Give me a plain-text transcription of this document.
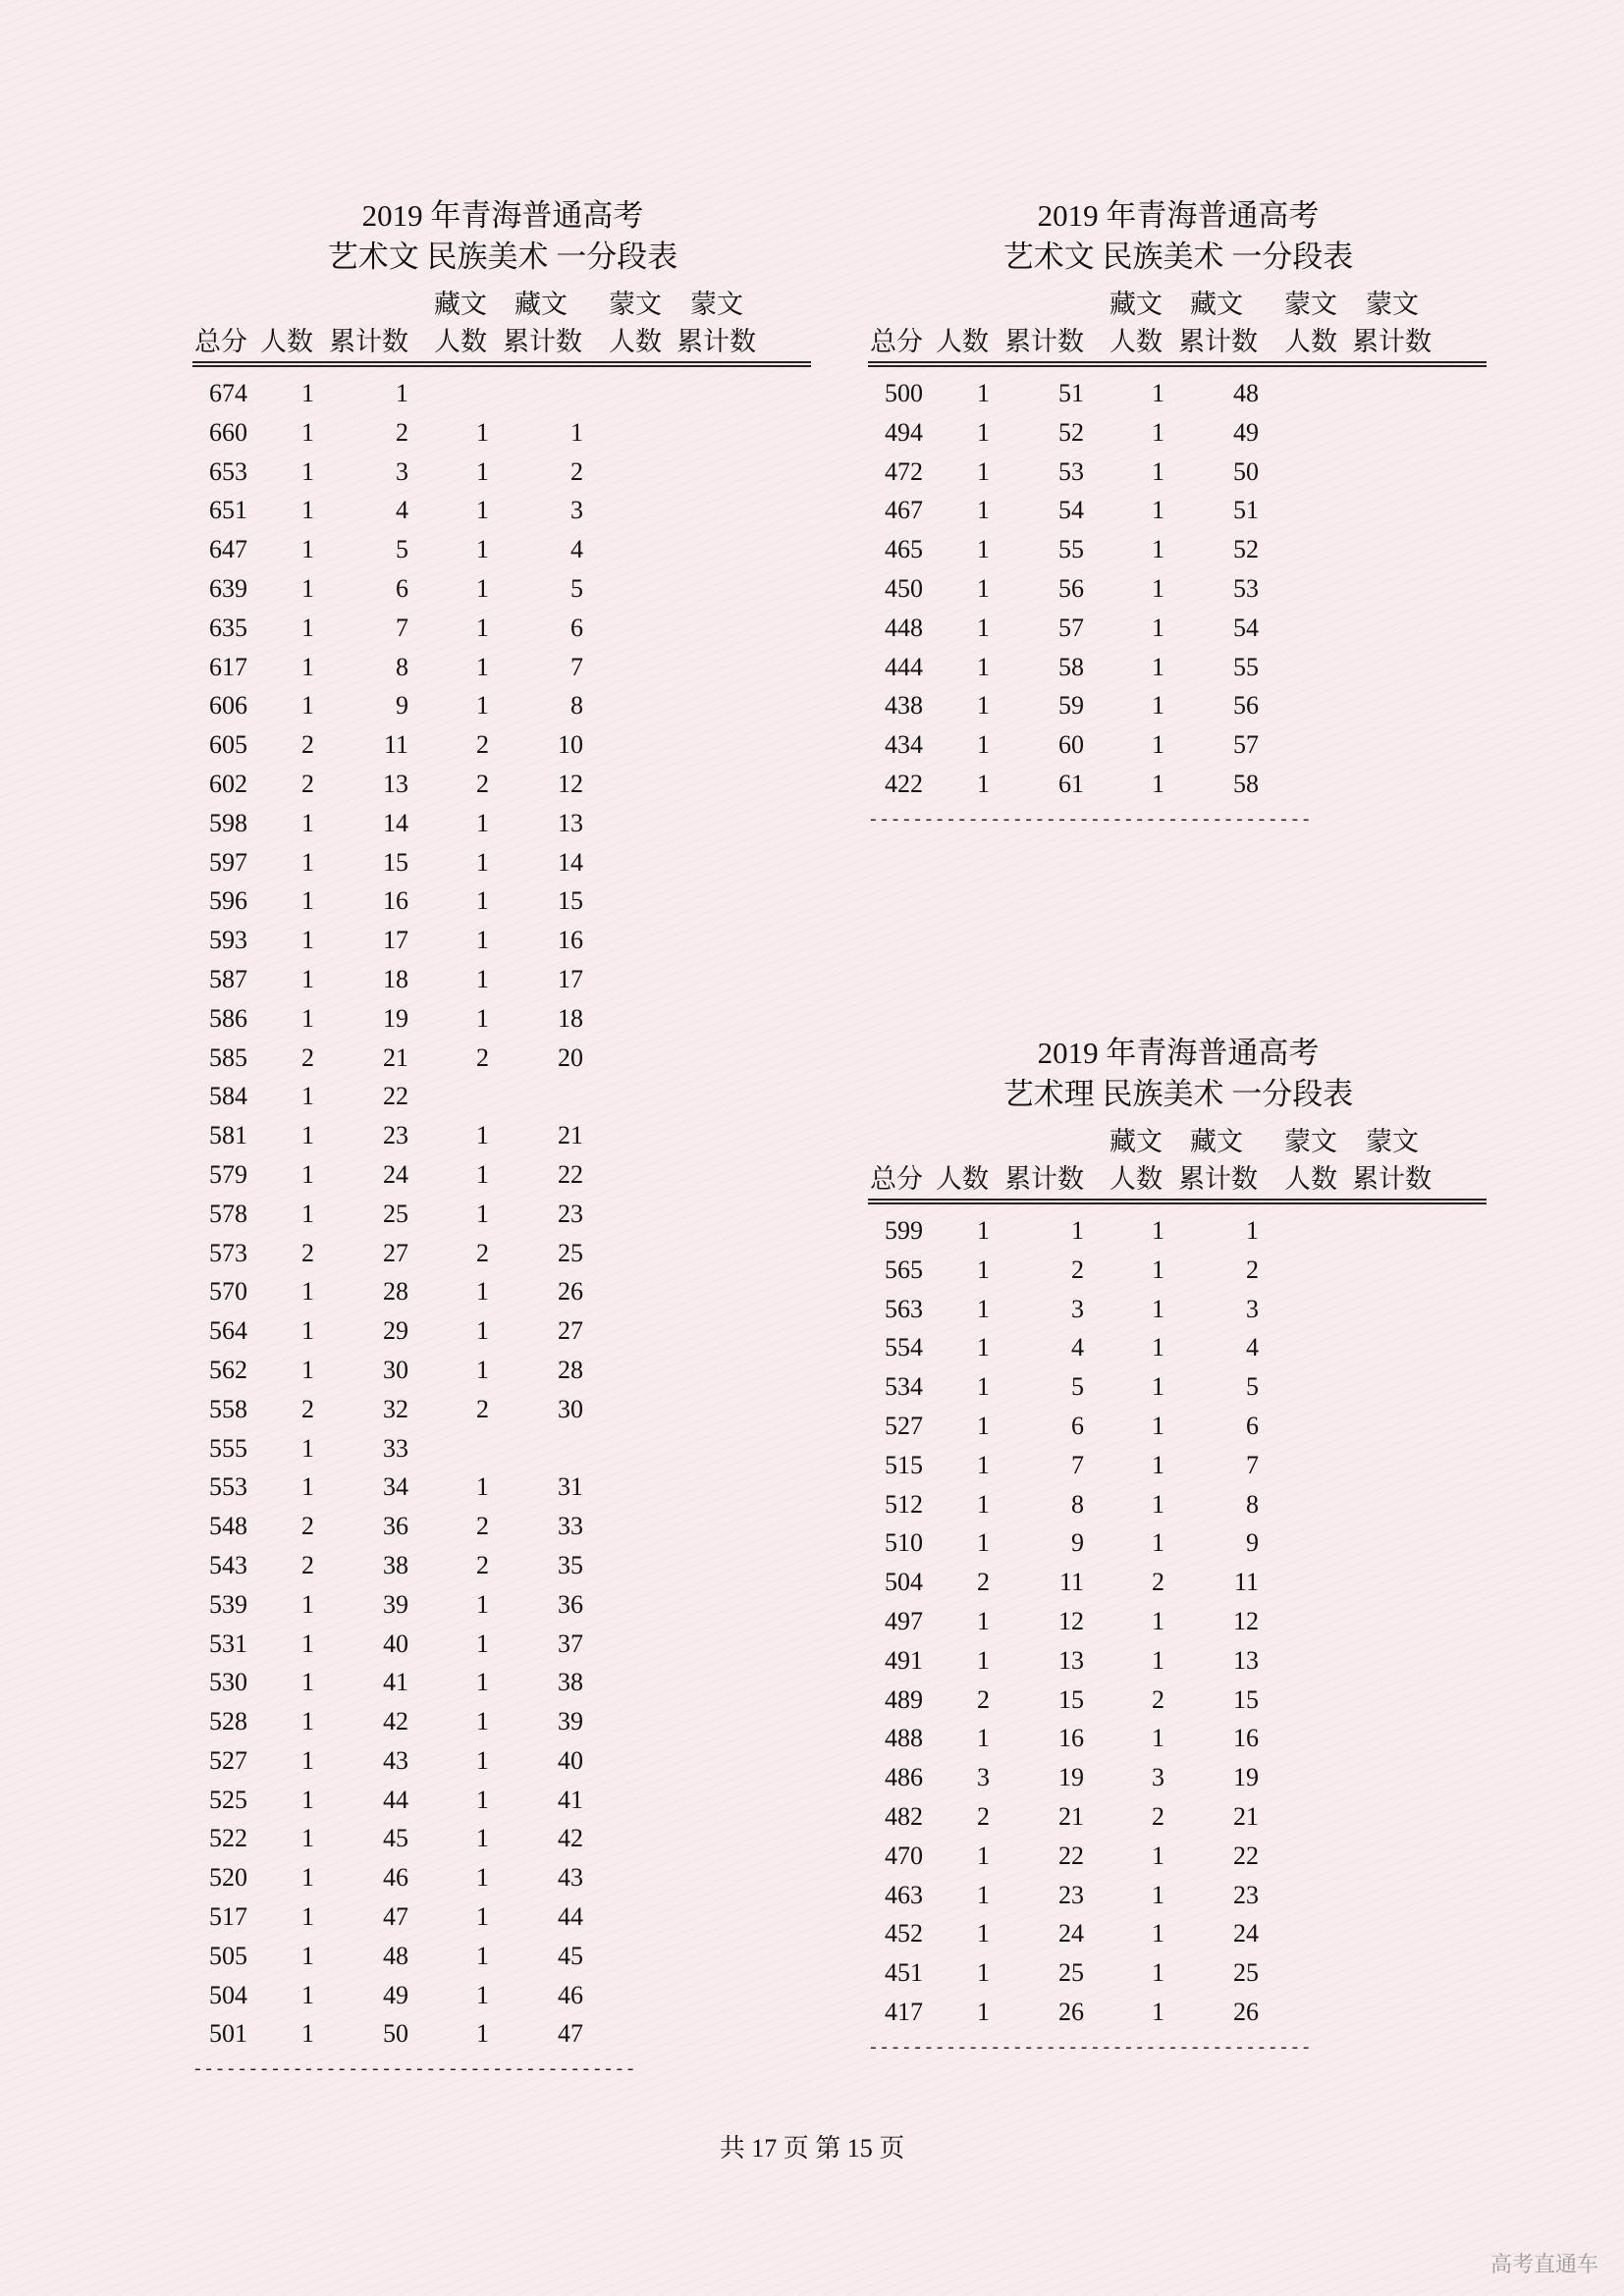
2019 年青海普通高考
艺术文 民族美术 一分段表
藏文 藏文 蒙文 蒙文
总分 人数 累计数 人数 累计数 人数 累计数
674	1	1
660	1	2	1	1
653	1	3	1	2
651	1	4	1	3
647	1	5	1	4
639	1	6	1	5
635	1	7	1	6
617	1	8	1	7
606	1	9	1	8
605	2	11	2	10
602	2	13	2	12
598	1	14	1	13
597	1	15	1	14
596	1	16	1	15
593	1	17	1	16
587	1	18	1	17
586	1	19	1	18
585	2	21	2	20
584	1	22
581	1	23	1	21
579	1	24	1	22
578	1	25	1	23
573	2	27	2	25
570	1	28	1	26
564	1	29	1	27
562	1	30	1	28
558	2	32	2	30
555	1	33
553	1	34	1	31
548	2	36	2	33
543	2	38	2	35
539	1	39	1	36
531	1	40	1	37
530	1	41	1	38
528	1	42	1	39
527	1	43	1	40
525	1	44	1	41
522	1	45	1	42
520	1	46	1	43
517	1	47	1	44
505	1	48	1	45
504	1	49	1	46
501	1	50	1	47
----------------------------------------
2019 年青海普通高考
艺术文 民族美术 一分段表
藏文 藏文 蒙文 蒙文
总分 人数 累计数 人数 累计数 人数 累计数
500	1	51	1	48
494	1	52	1	49
472	1	53	1	50
467	1	54	1	51
465	1	55	1	52
450	1	56	1	53
448	1	57	1	54
444	1	58	1	55
438	1	59	1	56
434	1	60	1	57
422	1	61	1	58
----------------------------------------
2019 年青海普通高考
艺术理 民族美术 一分段表
藏文 藏文 蒙文 蒙文
总分 人数 累计数 人数 累计数 人数 累计数
599	1	1	1	1
565	1	2	1	2
563	1	3	1	3
554	1	4	1	4
534	1	5	1	5
527	1	6	1	6
515	1	7	1	7
512	1	8	1	8
510	1	9	1	9
504	2	11	2	11
497	1	12	1	12
491	1	13	1	13
489	2	15	2	15
488	1	16	1	16
486	3	19	3	19
482	2	21	2	21
470	1	22	1	22
463	1	23	1	23
452	1	24	1	24
451	1	25	1	25
417	1	26	1	26
----------------------------------------
共 17 页 第 15 页
高考直通车
